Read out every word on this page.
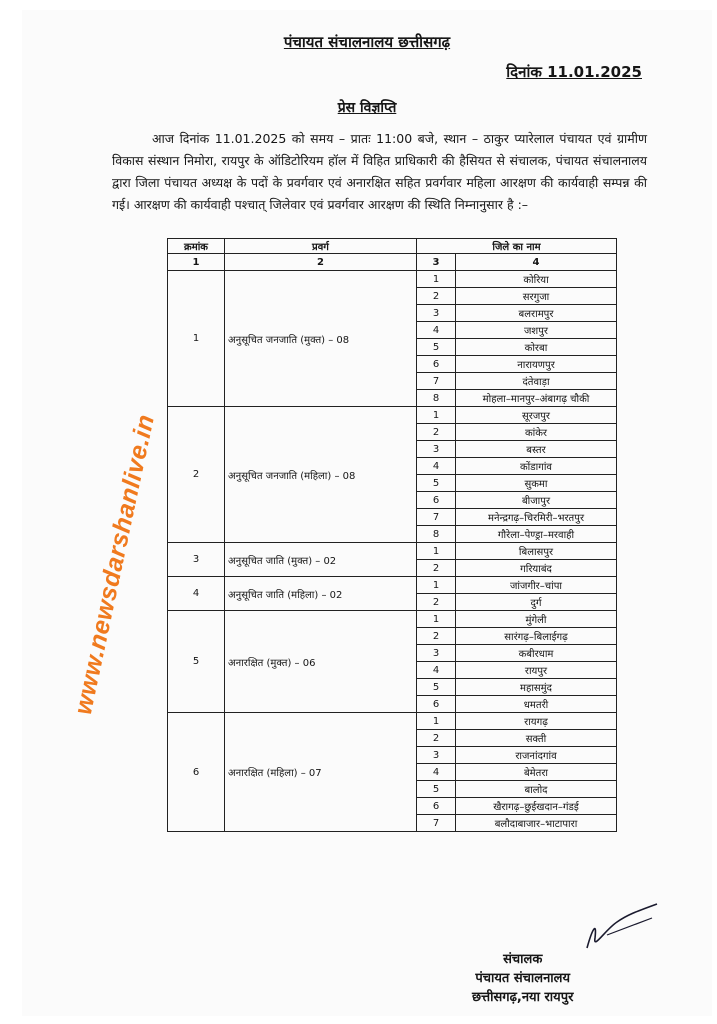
पंचायत संचालनालय छत्तीसगढ़
दिनांक 11.01.2025
प्रेस विज्ञप्ति
आज दिनांक 11.01.2025 को समय – प्रातः 11:00 बजे, स्थान – ठाकुर प्यारेलाल पंचायत एवं ग्रामीण विकास संस्थान निमोरा, रायपुर के ऑडिटोरियम हॉल में विहित प्राधिकारी की हैसियत से संचालक, पंचायत संचालनालय द्वारा जिला पंचायत अध्यक्ष के पदों के प्रवर्गवार एवं अनारक्षित सहित प्रवर्गवार महिला आरक्षण की कार्यवाही सम्पन्न की गई। आरक्षण की कार्यवाही पश्चात् जिलेवार एवं प्रवर्गवार आरक्षण की स्थिति निम्नानुसार है :–
क्रमांक	प्रवर्ग	जिले का नाम	
1	2	3	4
1	अनुसूचित जनजाति (मुक्त) – 08	1	कोरिया
		2	सरगुजा
		3	बलरामपुर
		4	जशपुर
		5	कोरबा
		6	नारायणपुर
		7	दंतेवाड़ा
		8	मोहला–मानपुर–अंबागढ़ चौकी
2	अनुसूचित जनजाति (महिला) – 08	1	सूरजपुर
		2	कांकेर
		3	बस्तर
		4	कोंडागांव
		5	सुकमा
		6	बीजापुर
		7	मनेन्द्रगढ़–चिरमिरी–भरतपुर
		8	गौरेला–पेण्ड्रा–मरवाही
3	अनुसूचित जाति (मुक्त) – 02	1	बिलासपुर
		2	गरियाबंद
4	अनुसूचित जाति (महिला) – 02	1	जांजगीर–चांपा
		2	दुर्ग
5	अनारक्षित (मुक्त) – 06	1	मुंगेली
		2	सारंगढ़–बिलाईगढ़
		3	कबीरधाम
		4	रायपुर
		5	महासमुंद
		6	धमतरी
6	अनारक्षित (महिला) – 07	1	रायगढ़
		2	सक्ती
		3	राजनांदगांव
		4	बेमेतरा
		5	बालोद
		6	खैरागढ़–छुईखदान–गंडई
		7	बलौदाबाजार–भाटापारा
www.newsdarshanlive.in
संचालक
पंचायत संचालनालय
छत्तीसगढ़,नया रायपुर
